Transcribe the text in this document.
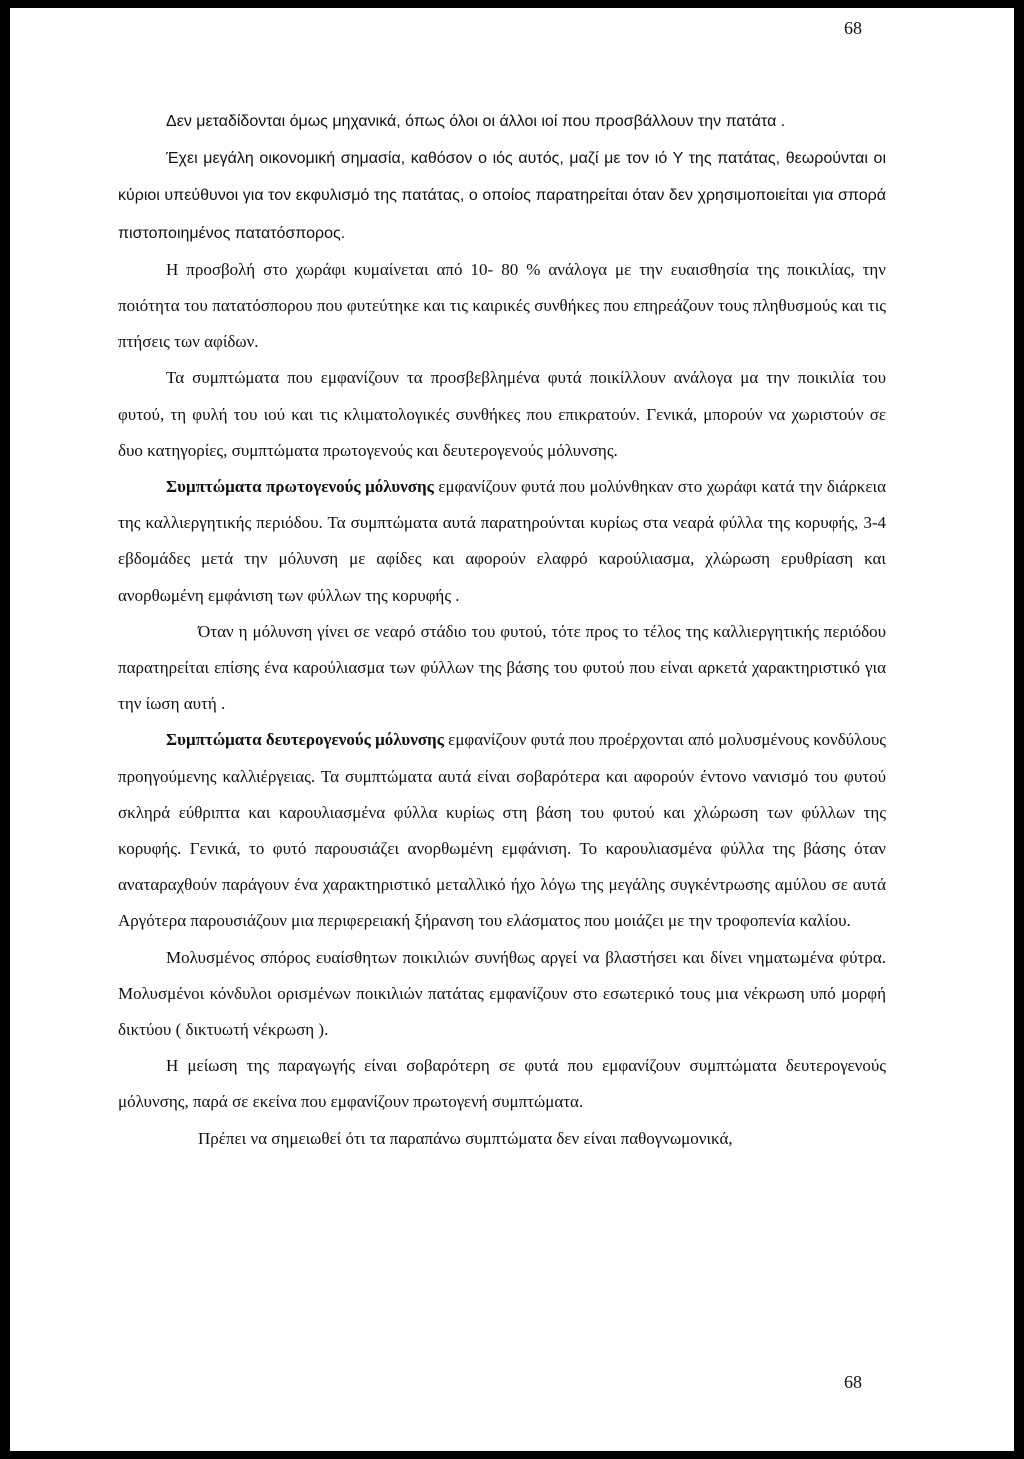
68

Δεν μεταδίδονται όμως μηχανικά, όπως όλοι οι άλλοι ιοί που προσβάλλουν την πατάτα .

Έχει μεγάλη οικονομική σημασία, καθόσον ο ιός αυτός, μαζί με τον ιό Υ της πατάτας, θεωρούνται οι κύριοι υπεύθυνοι για τον εκφυλισμό της πατάτας, ο οποίος παρατηρείται όταν δεν χρησιμοποιείται για σπορά πιστοποιημένος πατατόσπορος.

Η προσβολή στο χωράφι κυμαίνεται από 10- 80 % ανάλογα με την ευαισθησία της ποικιλίας, την ποιότητα του πατατόσπορου που φυτεύτηκε και τις καιρικές συνθήκες που επηρεάζουν τους πληθυσμούς και τις πτήσεις των αφίδων.

Τα συμπτώματα που εμφανίζουν τα προσβεβλημένα φυτά ποικίλλουν ανάλογα μα την ποικιλία του φυτού, τη φυλή του ιού και τις κλιματολογικές συνθήκες που επικρατούν. Γενικά, μπορούν να χωριστούν σε δυο κατηγορίες, συμπτώματα πρωτογενούς και δευτερογενούς μόλυνσης.

Συμπτώματα πρωτογενούς μόλυνσης εμφανίζουν φυτά που μολύνθηκαν στο χωράφι κατά την διάρκεια της καλλιεργητικής περιόδου. Τα συμπτώματα αυτά παρατηρούνται κυρίως στα νεαρά φύλλα της κορυφής, 3-4 εβδομάδες μετά την μόλυνση με αφίδες και αφορούν ελαφρό καρούλιασμα, χλώρωση ερυθρίαση και ανορθωμένη εμφάνιση των φύλλων της κορυφής .

Όταν η μόλυνση γίνει σε νεαρό στάδιο του φυτού, τότε προς το τέλος της καλλιεργητικής περιόδου παρατηρείται επίσης ένα καρούλιασμα των φύλλων της βάσης του φυτού που είναι αρκετά χαρακτηριστικό για την ίωση αυτή .

Συμπτώματα δευτερογενούς μόλυνσης εμφανίζουν φυτά που προέρχονται από μολυσμένους κονδύλους προηγούμενης καλλιέργειας. Τα συμπτώματα αυτά είναι σοβαρότερα και αφορούν έντονο νανισμό του φυτού σκληρά εύθριπτα και καρουλιασμένα φύλλα κυρίως στη βάση του φυτού και χλώρωση των φύλλων της κορυφής. Γενικά, το φυτό παρουσιάζει ανορθωμένη εμφάνιση. Το καρουλιασμένα φύλλα της βάσης όταν αναταραχθούν παράγουν ένα χαρακτηριστικό μεταλλικό ήχο λόγω της μεγάλης συγκέντρωσης αμύλου σε αυτά Αργότερα παρουσιάζουν μια περιφερειακή ξήρανση του ελάσματος που μοιάζει με την τροφοπενία καλίου.

Μολυσμένος σπόρος ευαίσθητων ποικιλιών συνήθως αργεί να βλαστήσει και δίνει νηματωμένα φύτρα. Μολυσμένοι κόνδυλοι ορισμένων ποικιλιών πατάτας εμφανίζουν στο εσωτερικό τους μια νέκρωση υπό μορφή δικτύου ( δικτυωτή νέκρωση ).

Η μείωση της παραγωγής είναι σοβαρότερη σε φυτά που εμφανίζουν συμπτώματα δευτερογενούς μόλυνσης, παρά σε εκείνα που εμφανίζουν πρωτογενή συμπτώματα.

Πρέπει να σημειωθεί ότι τα παραπάνω συμπτώματα δεν είναι παθογνωμονικά,

68
